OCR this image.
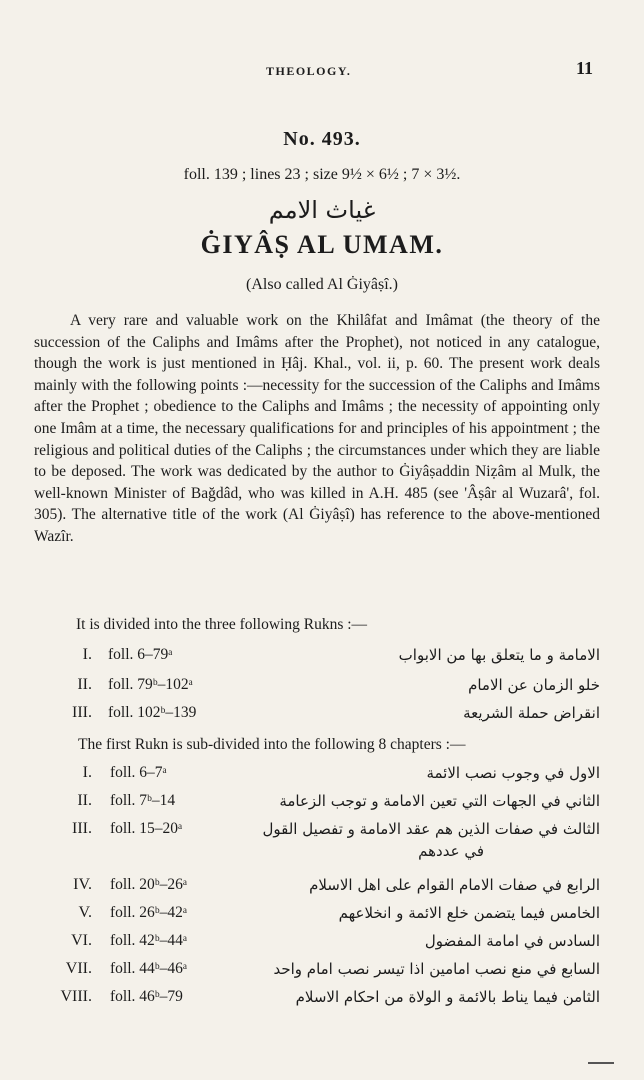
THEOLOGY.	11
No. 493.
foll. 139 ; lines 23 ; size 9½ × 6½ ; 7 × 3½.
غياث الامم
ĠIYÂṢ AL UMAM.
(Also called Al Ġiyâṣî.)

A very rare and valuable work on the Khilâfat and Imâmat (the theory of the succession of the Caliphs and Imâms after the Prophet), not noticed in any catalogue, though the work is just mentioned in Ḥâj. Khal., vol. ii, p. 60. The present work deals mainly with the following points :—necessity for the succession of the Caliphs and Imâms after the Prophet ; obedience to the Caliphs and Imâms ; the necessity of appointing only one Imâm at a time, the necessary qualifications for and principles of his appointment ; the religious and political duties of the Caliphs ; the circumstances under which they are liable to be deposed. The work was dedicated by the author to Ġiyâṣaddin Niẓâm al Mulk, the well-known Minister of Bağdâd, who was killed in A.H. 485 (see 'Âṣâr al Wuzarâ', fol. 305). The alternative title of the work (Al Ġiyâṣî) has reference to the above-mentioned Wazîr.

It is divided into the three following Rukns :—
I. foll. 6–79ᵃ	الامامة و ما يتعلق بها من الابواب
II. foll. 79ᵇ–102ᵃ	خلو الزمان عن الامام
III. foll. 102ᵇ–139	انقراض حملة الشريعة
The first Rukn is sub-divided into the following 8 chapters :—
I. foll. 6–7ᵃ	الاول في وجوب نصب الائمة
II. foll. 7ᵇ–14	الثاني في الجهات التي تعين الامامة و توجب الزعامة
III. foll. 15–20ᵃ	الثالث في صفات الذين هم عقد الامامة و تفصيل القول
في عددهم
IV. foll. 20ᵇ–26ᵃ	الرابع في صفات الامام القوام على اهل الاسلام
V. foll. 26ᵇ–42ᵃ	الخامس فيما يتضمن خلع الائمة و انخلاعهم
VI. foll. 42ᵇ–44ᵃ	السادس في امامة المفضول
VII. foll. 44ᵇ–46ᵃ	السابع في منع نصب امامين اذا تيسر نصب امام واحد
VIII. foll. 46ᵇ–79	الثامن فيما يناط بالائمة و الولاة من احكام الاسلام
